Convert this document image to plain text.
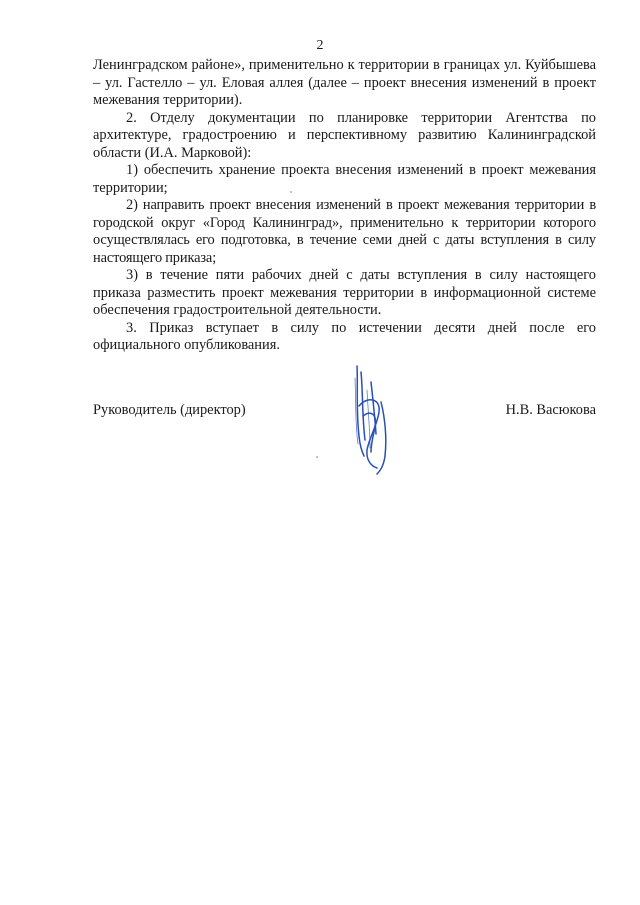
2

Ленинградском районе», применительно к территории в границах ул. Куйбышева – ул. Гастелло – ул. Еловая аллея (далее – проект внесения изменений в проект межевания территории).

2. Отделу документации по планировке территории Агентства по архитектуре, градостроению и перспективному развитию Калининградской области (И.А. Марковой):

1) обеспечить хранение проекта внесения изменений в проект межевания территории;

2) направить проект внесения изменений в проект межевания территории в городской округ «Город Калининград», применительно к территории которого осуществлялась его подготовка, в течение семи дней с даты вступления в силу настоящего приказа;

3) в течение пяти рабочих дней с даты вступления в силу настоящего приказа разместить проект межевания территории в информационной системе обеспечения градостроительной деятельности.

3. Приказ вступает в силу по истечении десяти дней после его официального опубликования.

Руководитель (директор)	Н.В. Васюкова
